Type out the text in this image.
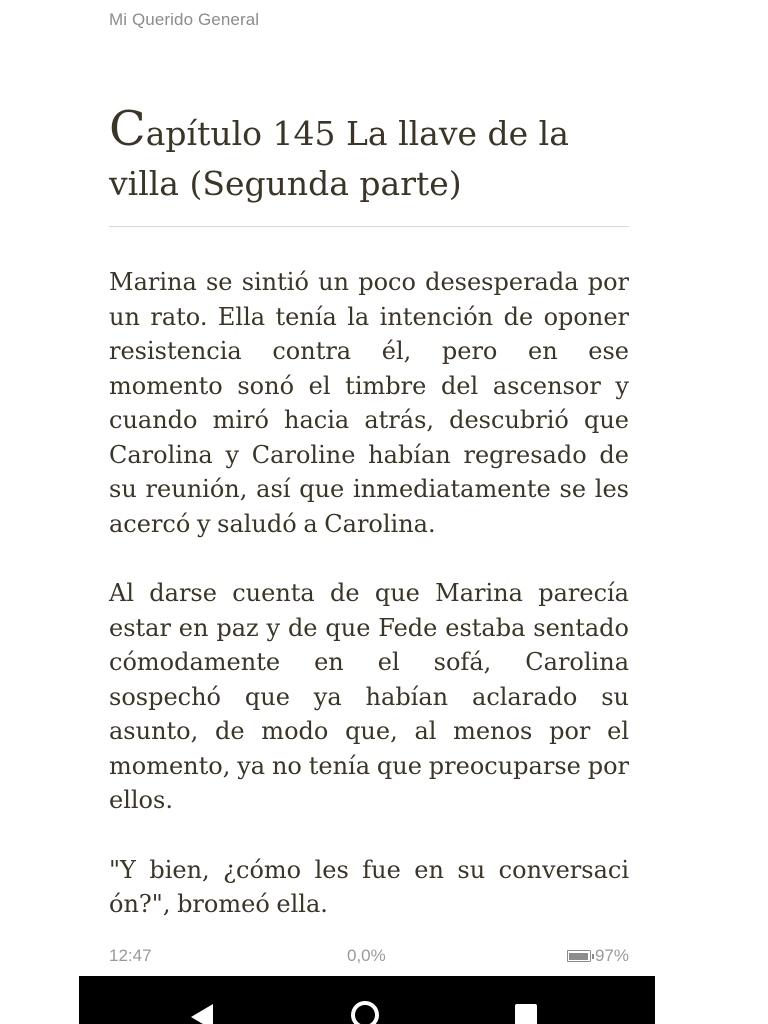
Mi Querido General
Capítulo 145 La llave de la villa (Segunda parte)

Marina se sintió un poco desesperada por un rato. Ella tenía la intención de oponer resistencia contra él, pero en ese momento sonó el timbre del ascensor y cuando miró hacia atrás, descubrió que Carolina y Caroline habían regresado de su reunión, así que inmediatamente se les acercó y saludó a Carolina.

Al darse cuenta de que Marina parecía estar en paz y de que Fede estaba sentado cómodamente en el sofá, Carolina sospechó que ya habían aclarado su asunto, de modo que, al menos por el momento, ya no tenía que preocuparse por ellos.

"Y bien, ¿cómo les fue en su conversaci ón?", bromeó ella.

12:47	0,0%	97%
